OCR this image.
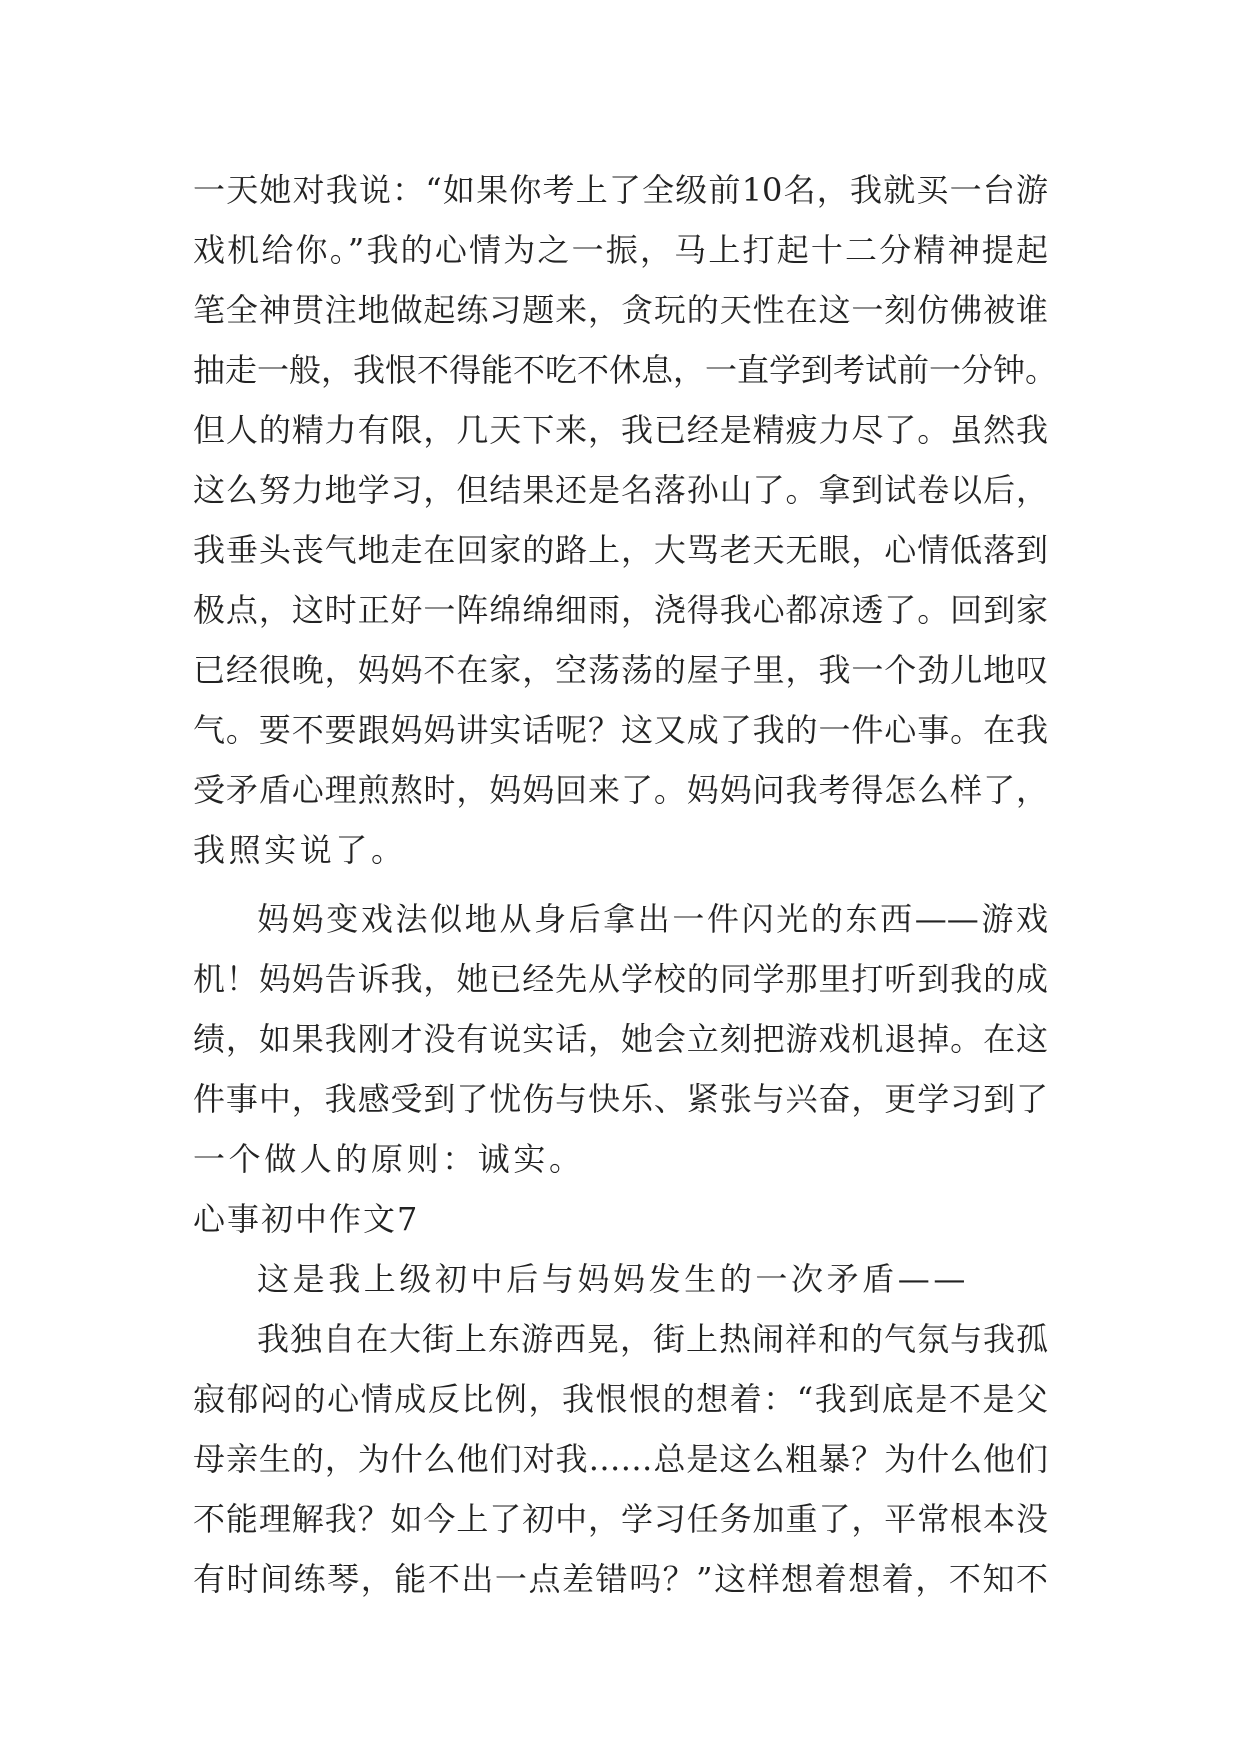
一天她对我说：“如果你考上了全级前10名，我就买一台游
戏机给你。”我的心情为之一振，马上打起十二分精神提起
笔全神贯注地做起练习题来，贪玩的天性在这一刻仿佛被谁
抽走一般，我恨不得能不吃不休息，一直学到考试前一分钟。
但人的精力有限，几天下来，我已经是精疲力尽了。虽然我
这么努力地学习，但结果还是名落孙山了。拿到试卷以后，
我垂头丧气地走在回家的路上，大骂老天无眼，心情低落到
极点，这时正好一阵绵绵细雨，浇得我心都凉透了。回到家
已经很晚，妈妈不在家，空荡荡的屋子里，我一个劲儿地叹
气。要不要跟妈妈讲实话呢？这又成了我的一件心事。在我
受矛盾心理煎熬时，妈妈回来了。妈妈问我考得怎么样了，
我照实说了。
妈妈变戏法似地从身后拿出一件闪光的东西——游戏
机！妈妈告诉我，她已经先从学校的同学那里打听到我的成
绩，如果我刚才没有说实话，她会立刻把游戏机退掉。在这
件事中，我感受到了忧伤与快乐、紧张与兴奋，更学习到了
一个做人的原则：诚实。
心事初中作文7
这是我上级初中后与妈妈发生的一次矛盾——
我独自在大街上东游西晃，街上热闹祥和的气氛与我孤
寂郁闷的心情成反比例，我恨恨的想着：“我到底是不是父
母亲生的，为什么他们对我……总是这么粗暴？为什么他们
不能理解我？如今上了初中，学习任务加重了，平常根本没
有时间练琴，能不出一点差错吗？”这样想着想着，不知不
